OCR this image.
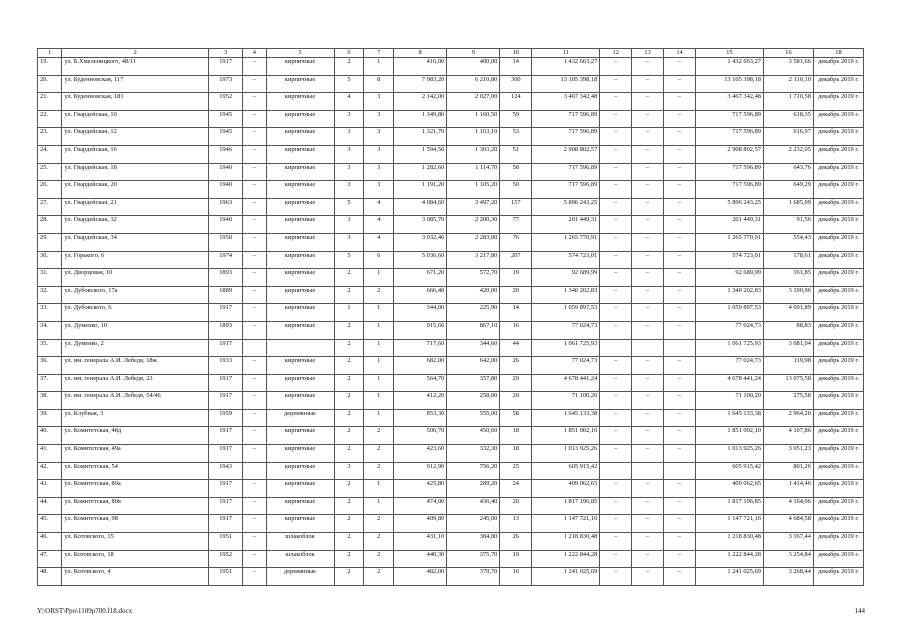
1	2	3	4	5	6	7	8	9	10	11	12	13	14	15	16	18
19.	ул. Б.Хмельницкого, 48/11	1917	–	кирпичные	2	1	416,00	400,00	14	1 432 663,27	–	–	–	1 432 663,27	3 581,66	декабрь 2019 г.
20.	ул. Буденновская, 117	1973	–	кирпичные	5	8	7 983,20	6 210,80	300	13 105 398,18	–	–	–	13 105 398,18	2 110,10	декабрь 2019 г.
21.	ул. Буденновская, 181	1952	–	кирпичные	4	3	2 142,00	2 027,00	124	3 467 342,48	–	–	–	3 467 342,48	1 710,58	декабрь 2019 г.
22.	ул. Гвардейская, 10	1945	–	кирпичные	3	3	1 349,80	1 160,50	59	717 596,89	–	–	–	717 596,89	618,35	декабрь 2019 г.
23.	ул. Гвардейская, 12	1945	–	кирпичные	3	3	1 321,70	1 163,10	53	717 596,89	–	–	–	717 596,89	616,97	декабрь 2019 г.
24.	ул. Гвардейская, 16	1946	–	кирпичные	3	3	1 594,50	1 303,20	51	2 908 802,57	–	–	–	2 908 802,57	2 232,05	декабрь 2019 г.
25.	ул. Гвардейская, 18	1940	–	кирпичные	3	3	1 282,60	1 114,70	58	717 596,89	–	–	–	717 596,89	643,76	декабрь 2019 г.
26.	ул. Гвардейская, 20	1940	–	кирпичные	3	3	1 191,20	1 105,20	50	717 596,89	–	–	–	717 596,89	649,29	декабрь 2019 г.
27.	ул. Гвардейская, 21	1963	–	кирпичные	5	4	4 084,60	3 497,20	157	5 896 243,25	–	–	–	5 896 243,25	1 685,99	декабрь 2019 г.
28.	ул. Гвардейская, 32	1940	–	кирпичные	3	4	3 085,70	2 200,30	77	201 449,31	–	–	–	201 449,31	91,56	декабрь 2019 г.
29.	ул. Гвардейская, 34	1950	–	кирпичные	3	4	3 032,40	2 283,00	76	1 265 770,91	–	–	–	1 265 770,91	554,43	декабрь 2019 г.
30.	ул. Горького, 6	1974	–	кирпичные	5	6	5 036,60	3 217,80	207	574 723,01	–	–	–	574 723,01	178,61	декабрь 2019 г.
31.	ул. Дворцовая, 10	1893	–	кирпичные	2	1	671,20	572,70	19	92 689,99	–	–	–	92 689,99	161,85	декабрь 2019 г.
32.	ул. Дубовского, 17а	1889	–	кирпичные	2	2	666,40	420,00	20	1 340 202,83	–	–	–	1 340 202,83	3 190,96	декабрь 2019 г.
33.	ул. Дубовского, 6	1917	–	кирпичные	1	1	344,00	225,90	14	1 059 897,53	–	–	–	1 059 897,53	4 691,89	декабрь 2019 г.
34.	ул. Думенко, 10	1893	–	кирпичные	2	1	915,60	867,10	16	77 024,73	–	–	–	77 024,73	88,83	декабрь 2019 г.
35.	ул. Думенко, 2	1917			2	1	717,60	344,60	44	1 061 725,93				1 061 725,93	3 081,04	декабрь 2019 г.
36.	ул. им. генерала А.И. Лебедя, 18ж	1933	–	кирпичные	2	1	682,00	642,00	26	77 024,73	–	–	–	77 024,73	119,98	декабрь 2019 г.
37.	ул. им. генерала А.И. Лебедя, 23	1917	–	кирпичные	2	1	564,70	357,80	29	4 678 441,24	–	–	–	4 678 441,24	13 075,58	декабрь 2019 г.
38.	ул. им. генерала А.И. Лебедя, 54/46	1917	–	кирпичные	2	1	412,20	258,00	20	71 100,20	–	–	–	71 100,20	275,58	декабрь 2019 г.
39.	ул. Клубная, 3	1959	–	деревянные	2	1	853,30	555,00	58	1 645 133,38	–	–	–	1 645 133,38	2 964,20	декабрь 2019 г.
40.	ул. Комитетская, 48д	1917	–	кирпичные	2	2	506,70	450,60	18	1 851 002,10	–	–	–	1 851 002,10	4 107,86	декабрь 2019 г.
41.	ул. Комитетская, 49а	1917	–	кирпичные	2	2	423,60	332,30	18	1 013 925,26	–	–	–	1 013 925,26	3 051,23	декабрь 2019 г.
42.	ул. Комитетская, 54	1943		кирпичные	3	2	912,90	756,20	25	605 915,42				605 915,42	801,26	декабрь 2019 г.
43.	ул. Комитетская, 80а	1917	–	кирпичные	2	1	425,80	289,20	24	409 062,65	–	–	–	409 062,65	1 414,46	декабрь 2019 г.
44.	ул. Комитетская, 80в	1917	–	кирпичные	2	1	474,00	436,40	20	1 817 196,85	–	–	–	1 817 196,85	4 164,06	декабрь 2019 г.
45.	ул. Комитетская, 98	1917	–	кирпичные	2	2	409,80	245,00	13	1 147 721,16	–	–	–	1 147 721,16	4 684,58	декабрь 2019 г.
46.	ул. Котовского, 15	1951	–	шлакоблок	2	2	431,10	384,80	26	1 218 830,48	–	–	–	1 218 830,48	3 167,44	декабрь 2019 г.
47.	ул. Котовского, 18	1952	–	шлакоблок	2	2	440,30	375,70	19	1 222 844,28	–	–	–	1 222 844,28	3 254,84	декабрь 2019 г.
48.	ул. Котовского, 4	1951	–	деревянные	2	2	482,00	379,70	16	1 241 025,69	–	–	–	1 241 025,69	3 268,44	декабрь 2019 г.
Y:\ORST\Ppo\1109p700.f18.docx	144
